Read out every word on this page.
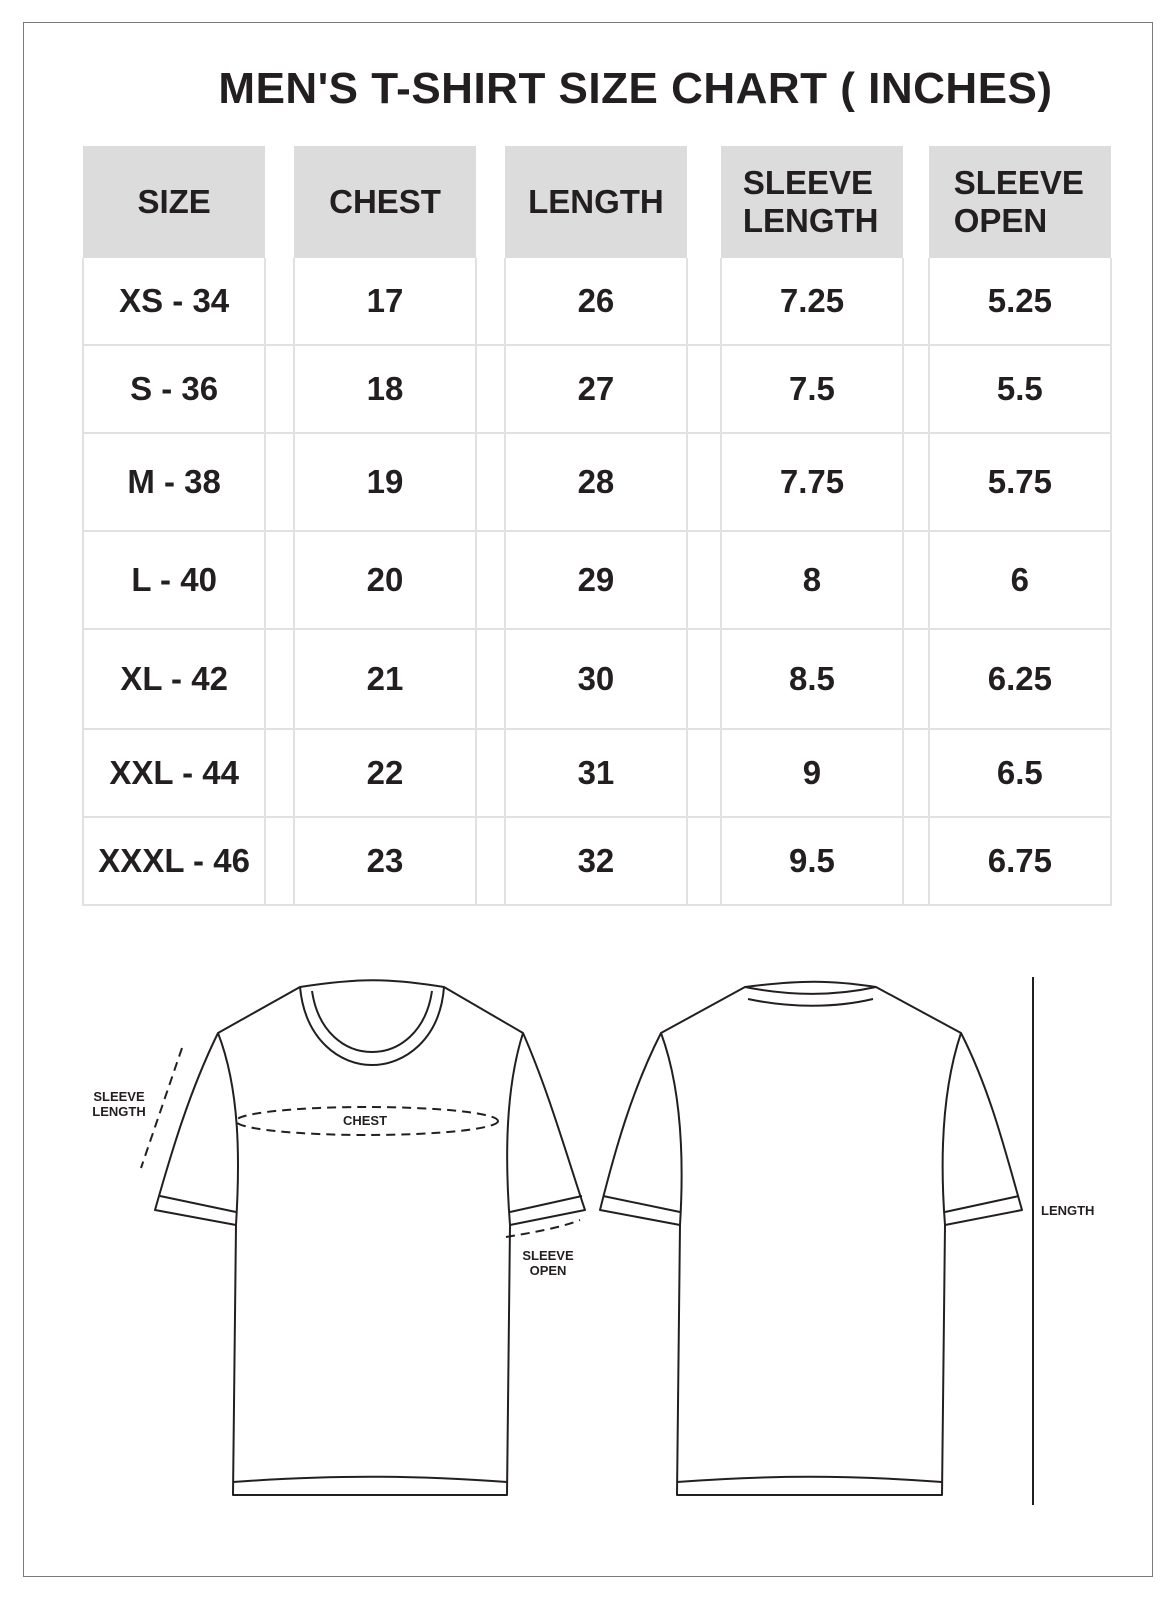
MEN'S T-SHIRT SIZE CHART ( INCHES)
SIZE		CHEST		LENGTH		SLEEVE LENGTH		SLEEVE OPEN
XS - 34		17		26		7.25		5.25
S - 36		18		27		7.5		5.5
M - 38		19		28		7.75		5.75
L - 40		20		29		8		6
XL - 42		21		30		8.5		6.25
XXL - 44		22		31		9		6.5
XXXL - 46		23		32		9.5		6.75
SLEEVE
LENGTH
CHEST
SLEEVE
OPEN
LENGTH
